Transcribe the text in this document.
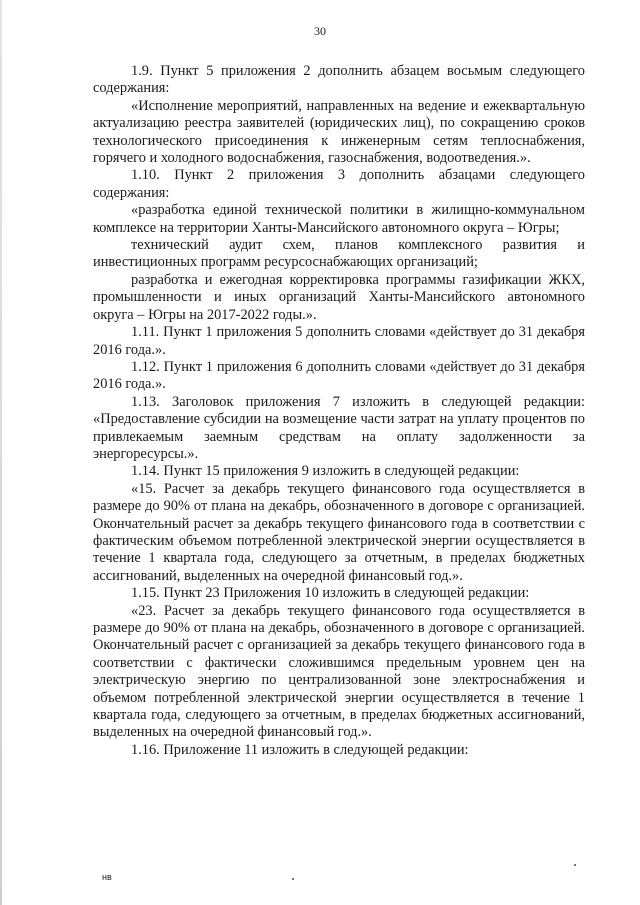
30

1.9. Пункт 5 приложения 2 дополнить абзацем восьмым следующего содержания:

«Исполнение мероприятий, направленных на ведение и ежеквартальную актуализацию реестра заявителей (юридических лиц), по сокращению сроков технологического присоединения к инженерным сетям теплоснабжения, горячего и холодного водоснабжения, газоснабжения, водоотведения.».

1.10. Пункт 2 приложения 3 дополнить абзацами следующего содержания:

«разработка единой технической политики в жилищно-коммунальном комплексе на территории Ханты-Мансийского автономного округа – Югры;

технический аудит схем, планов комплексного развития и инвестиционных программ ресурсоснабжающих организаций;

разработка и ежегодная корректировка программы газификации ЖКХ, промышленности и иных организаций Ханты-Мансийского автономного округа – Югры на 2017-2022 годы.».

1.11. Пункт 1 приложения 5 дополнить словами «действует до 31 декабря 2016 года.».

1.12. Пункт 1 приложения 6 дополнить словами «действует до 31 декабря 2016 года.».

1.13. Заголовок приложения 7 изложить в следующей редакции: «Предоставление субсидии на возмещение части затрат на уплату процентов по привлекаемым заемным средствам на оплату задолженности за энергоресурсы.».

1.14. Пункт 15 приложения 9 изложить в следующей редакции:

«15. Расчет за декабрь текущего финансового года осуществляется в размере до 90% от плана на декабрь, обозначенного в договоре с организацией. Окончательный расчет за декабрь текущего финансового года в соответствии с фактическим объемом потребленной электрической энергии осуществляется в течение 1 квартала года, следующего за отчетным, в пределах бюджетных ассигнований, выделенных на очередной финансовый год.».

1.15. Пункт 23 Приложения 10 изложить в следующей редакции:

«23. Расчет за декабрь текущего финансового года осуществляется в размере до 90% от плана на декабрь, обозначенного в договоре с организацией. Окончательный расчет с организацией за декабрь текущего финансового года в соответствии с фактически сложившимся предельным уровнем цен на электрическую энергию по централизованной зоне электроснабжения и объемом потребленной электрической энергии осуществляется в течение 1 квартала года, следующего за отчетным, в пределах бюджетных ассигнований, выделенных на очередной финансовый год.».

1.16. Приложение 11 изложить в следующей редакции:

нв
